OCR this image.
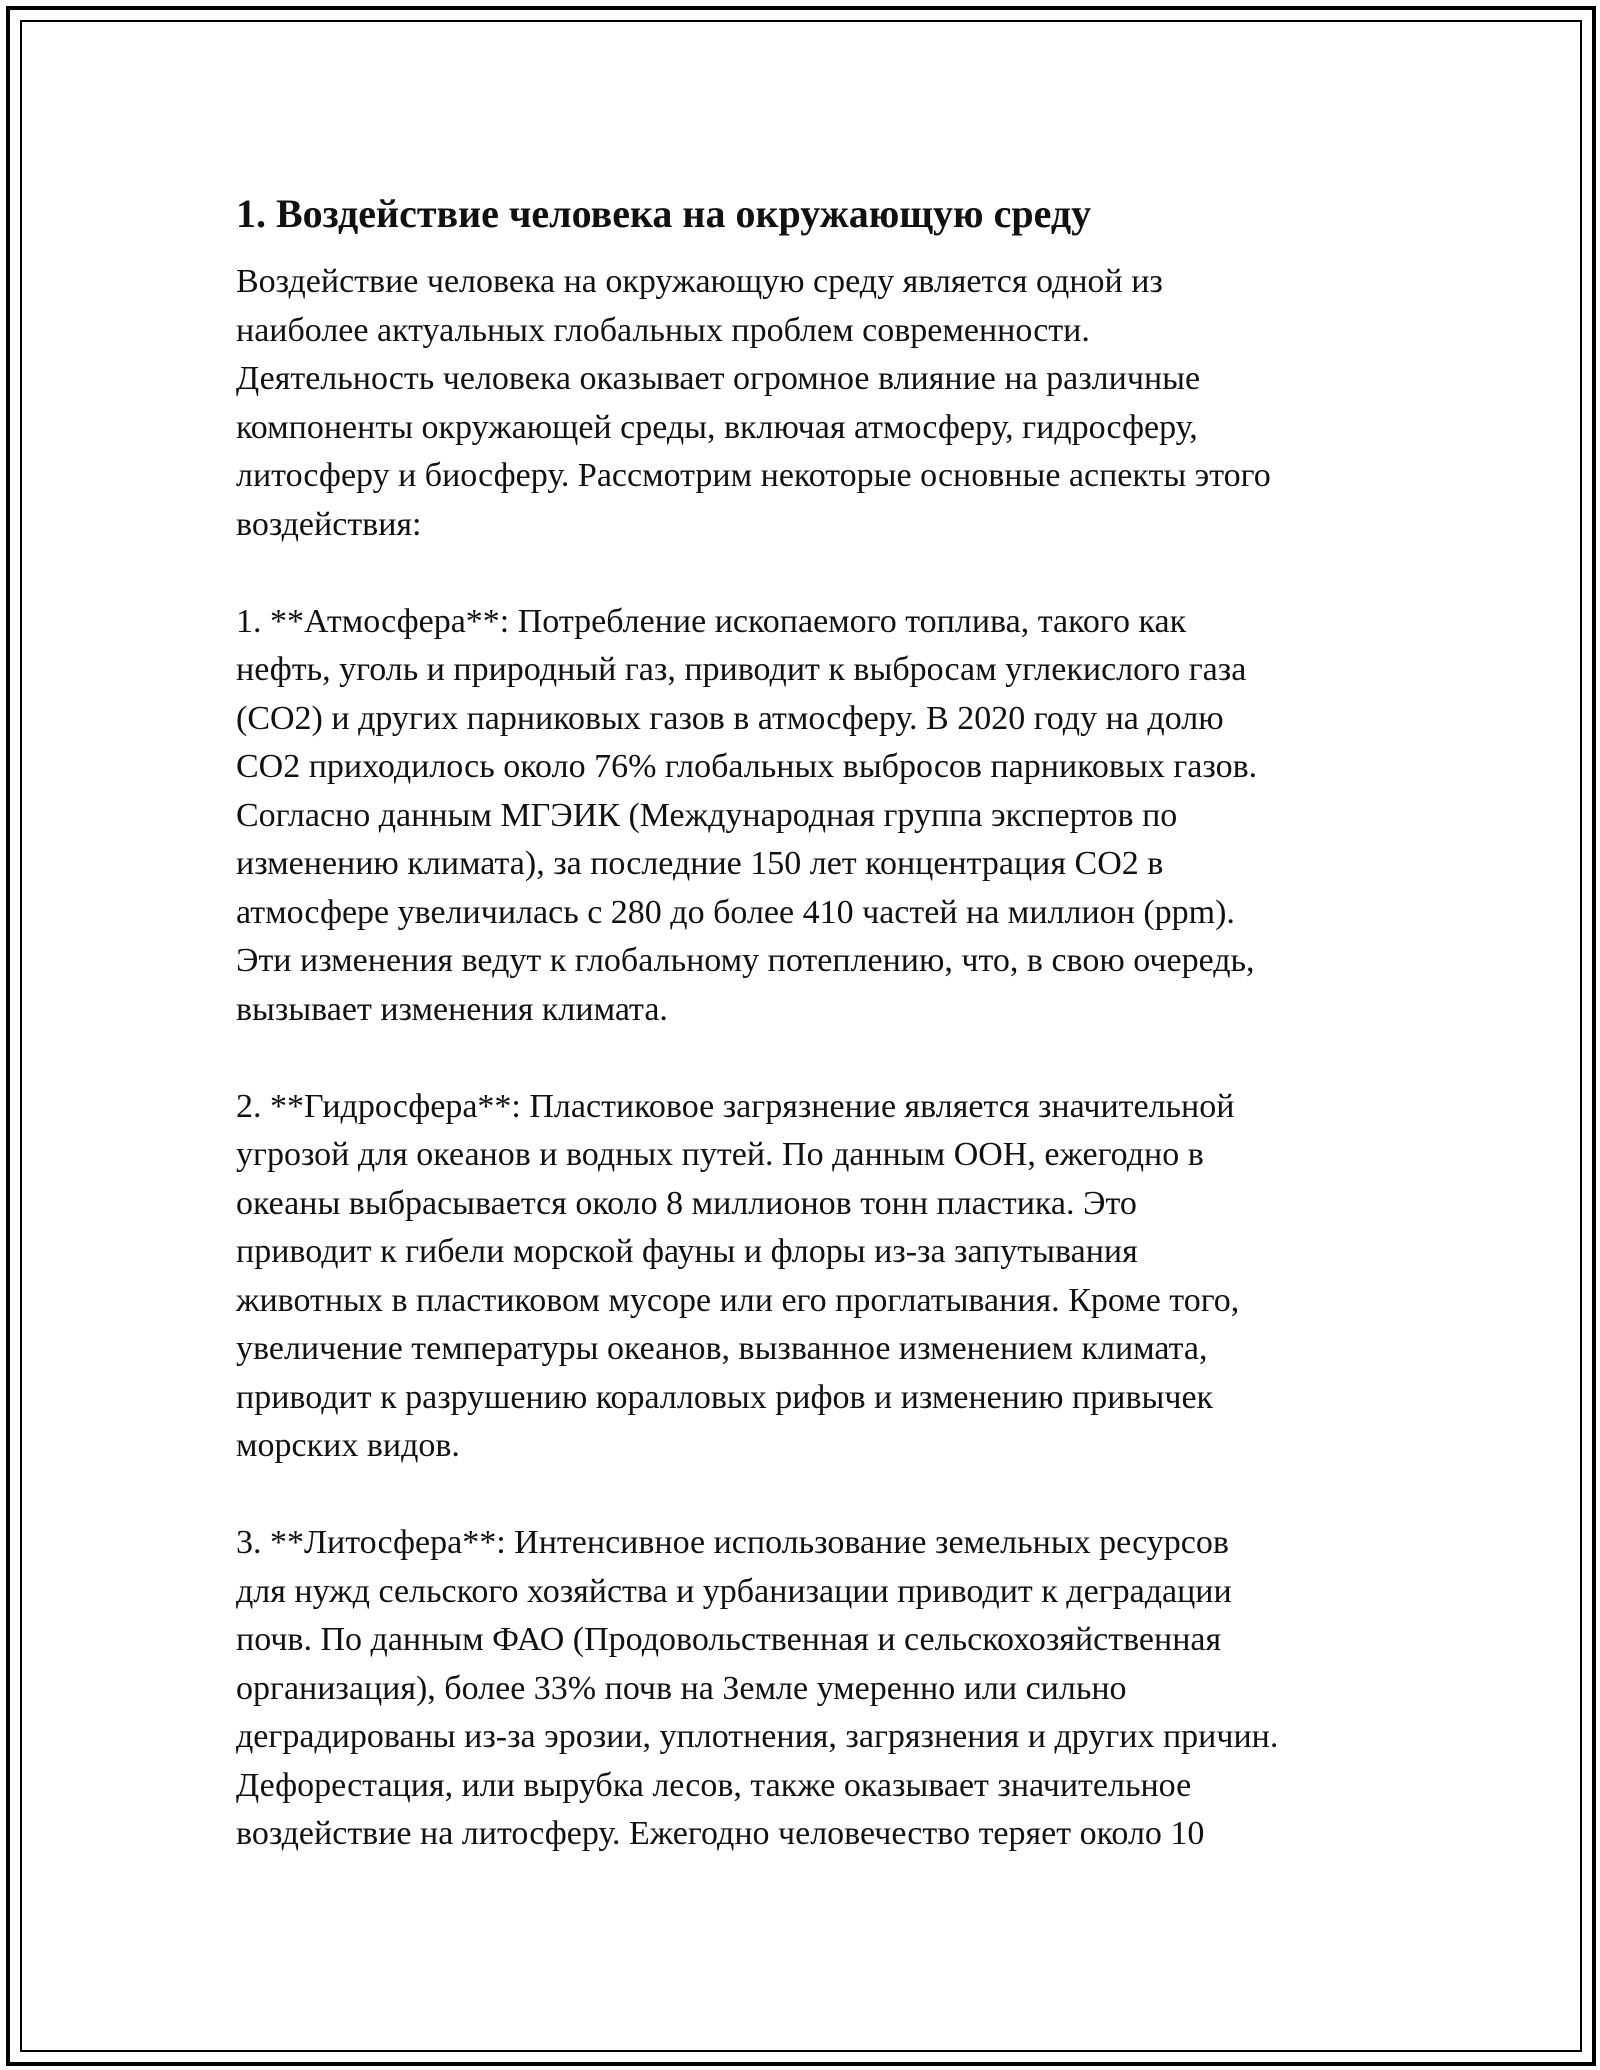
1. Воздействие человека на окружающую среду
Воздействие человека на окружающую среду является одной из
наиболее актуальных глобальных проблем современности.
Деятельность человека оказывает огромное влияние на различные
компоненты окружающей среды, включая атмосферу, гидросферу,
литосферу и биосферу. Рассмотрим некоторые основные аспекты этого
воздействия:
1. **Атмосфера**: Потребление ископаемого топлива, такого как
нефть, уголь и природный газ, приводит к выбросам углекислого газа
(CO2) и других парниковых газов в атмосферу. В 2020 году на долю
CO2 приходилось около 76% глобальных выбросов парниковых газов.
Согласно данным МГЭИК (Международная группа экспертов по
изменению климата), за последние 150 лет концентрация CO2 в
атмосфере увеличилась с 280 до более 410 частей на миллион (ppm).
Эти изменения ведут к глобальному потеплению, что, в свою очередь,
вызывает изменения климата.
2. **Гидросфера**: Пластиковое загрязнение является значительной
угрозой для океанов и водных путей. По данным ООН, ежегодно в
океаны выбрасывается около 8 миллионов тонн пластика. Это
приводит к гибели морской фауны и флоры из-за запутывания
животных в пластиковом мусоре или его проглатывания. Кроме того,
увеличение температуры океанов, вызванное изменением климата,
приводит к разрушению коралловых рифов и изменению привычек
морских видов.
3. **Литосфера**: Интенсивное использование земельных ресурсов
для нужд сельского хозяйства и урбанизации приводит к деградации
почв. По данным ФАО (Продовольственная и сельскохозяйственная
организация), более 33% почв на Земле умеренно или сильно
деградированы из-за эрозии, уплотнения, загрязнения и других причин.
Дефорестация, или вырубка лесов, также оказывает значительное
воздействие на литосферу. Ежегодно человечество теряет около 10
